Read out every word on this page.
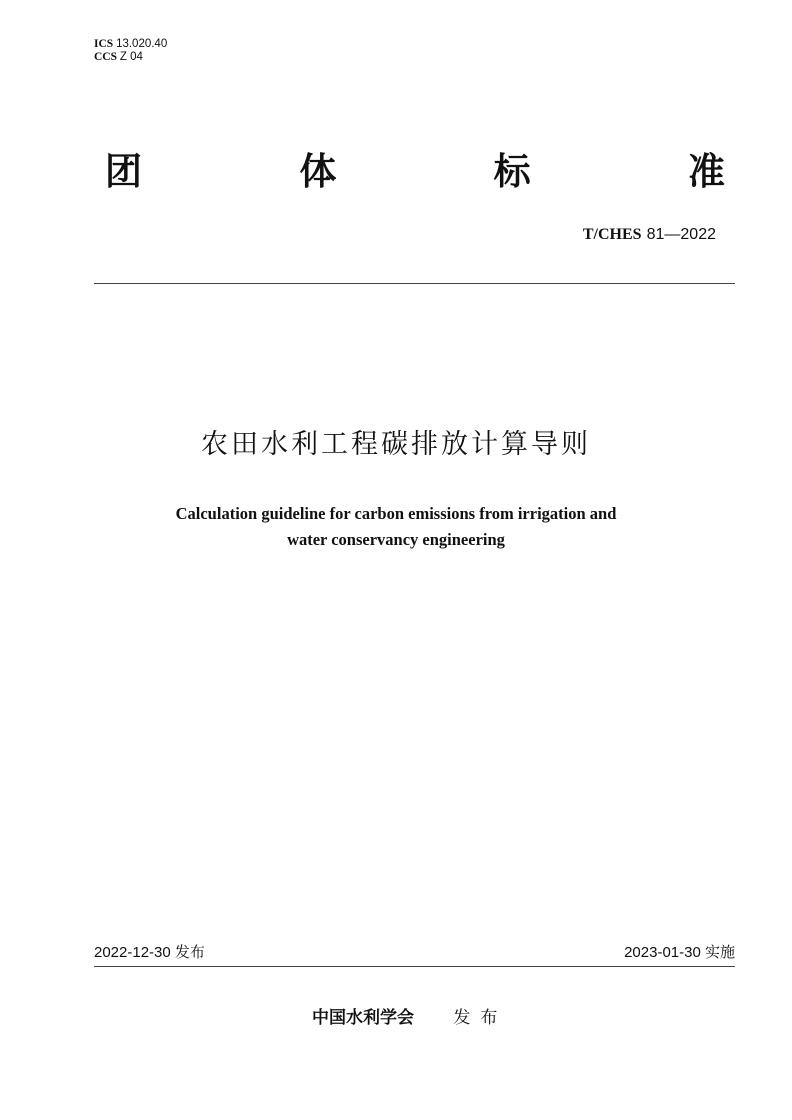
ICS 13.020.40
CCS Z 04
团	体	标	准
T/CHES 81—2022
农田水利工程碳排放计算导则
Calculation guideline for carbon emissions from irrigation and
water conservancy engineering
2022-12-30 发布	2023-01-30 实施
中国水利学会 发布
